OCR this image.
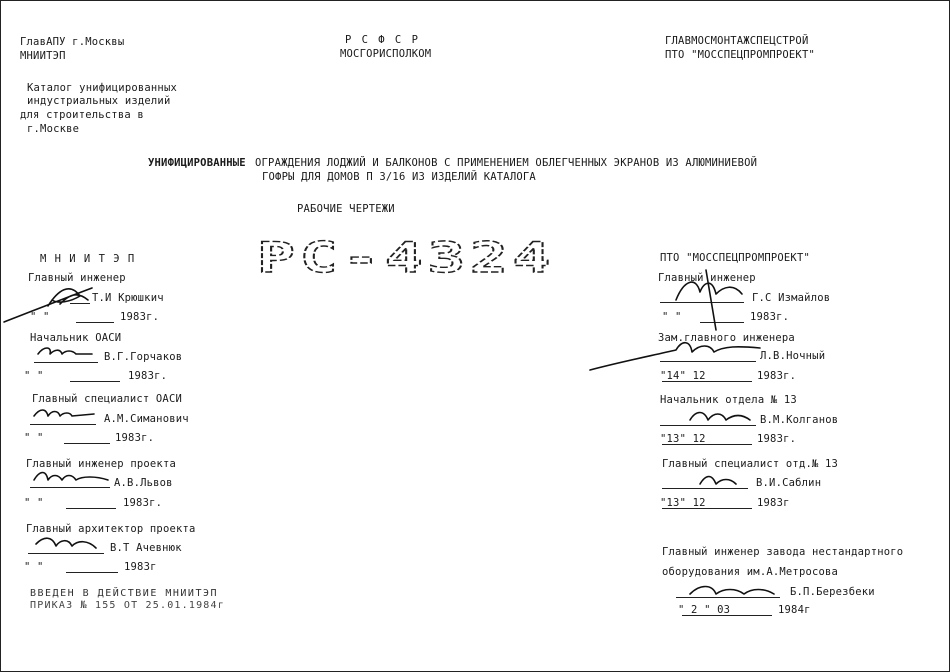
ГлавАПУ г.Москвы
МНИИТЭП
Р С Ф С Р
МОСГОРИСПОЛКОМ
ГЛАВМОСМОНТАЖСПЕЦСТРОЙ
ПТО "МОССПЕЦПРОМПРОЕКТ"
Каталог унифицированных
индустриальных изделий
для строительства в
г.Москве
УНИФИЦИРОВАННЫЕ ОГРАЖДЕНИЯ ЛОДЖИЙ И БАЛКОНОВ С ПРИМЕНЕНИЕМ ОБЛЕГЧЕННЫХ ЭКРАНОВ ИЗ АЛЮМИНИЕВОЙ
ГОФРЫ ДЛЯ ДОМОВ П 3/16 ИЗ ИЗДЕЛИЙ КАТАЛОГА
РАБОЧИЕ ЧЕРТЕЖИ
РС-4324
М Н И И Т Э П
Главный инженер
Т.И Крюшкич
" "	1983г.
Начальник ОАСИ
В.Г.Горчаков
" "	1983г.
Главный специалист ОАСИ
А.М.Симанович
" "	1983г.
Главный инженер проекта
А.В.Львов
" "	1983г.
Главный архитектор проекта
В.Т Ачевнюк
" "	1983г
ВВЕДЕН В ДЕЙСТВИЕ МНИИТЭП
ПРИКАЗ № 155 ОТ 25.01.1984г
ПТО "МОССПЕЦПРОМПРОЕКТ"
Главный инженер
Г.С Измайлов
" "	1983г.
Зам.главного инженера
Л.В.Ночный
"14" 12	1983г.
Начальник отдела № 13
В.М.Колганов
"13" 12	1983г.
Главный специалист отд.№ 13
В.И.Саблин
"13" 12	1983г
Главный инженер завода нестандартного
оборудования им.А.Метросова
Б.П.Березбеки
" 2 " 03	1984г
